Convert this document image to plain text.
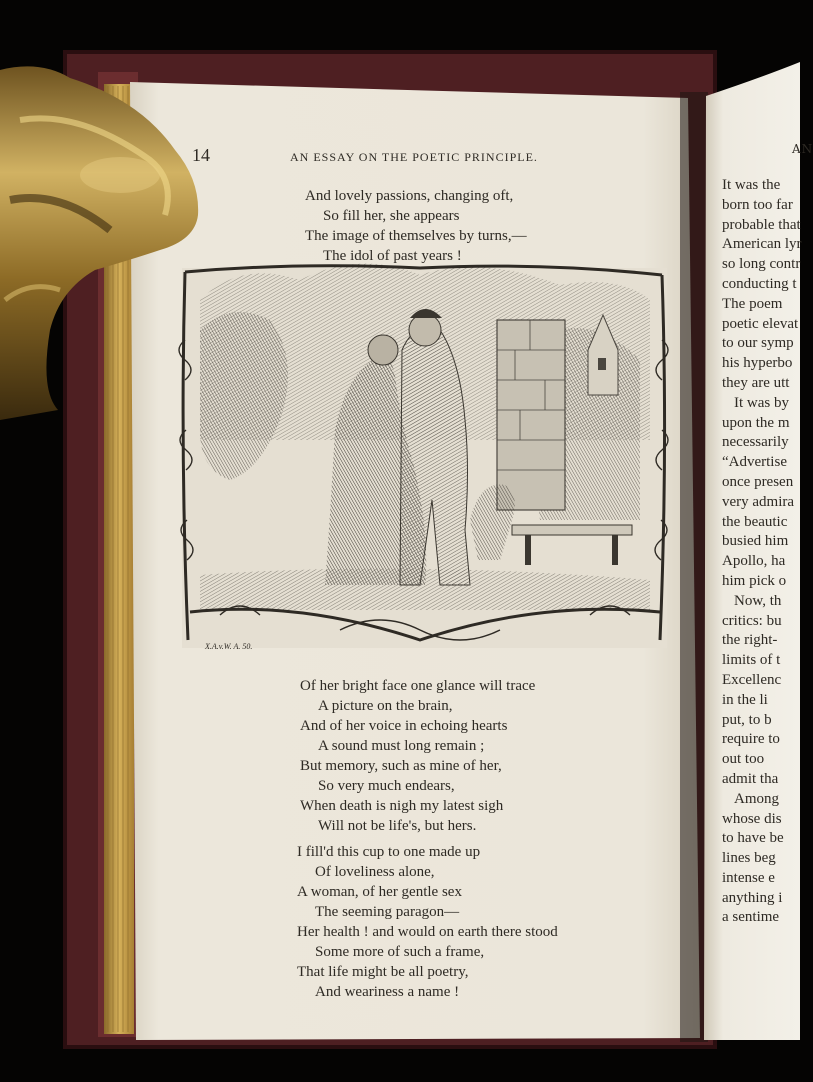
14	AN ESSAY ON THE POETIC PRINCIPLE.
And lovely passions, changing oft,
So fill her, she appears
The image of themselves by turns,—
The idol of past years !
X.A.v.W. A. 50.
Of her bright face one glance will trace
A picture on the brain,
And of her voice in echoing hearts
A sound must long remain ;
But memory, such as mine of her,
So very much endears,
When death is nigh my latest sigh
Will not be life's, but hers.
I fill'd this cup to one made up
Of loveliness alone,
A woman, of her gentle sex
The seeming paragon—
Her health ! and would on earth there stood
Some more of such a frame,
That life might be all poetry,
And weariness a name !
AN
It was the
born too far
probable that
American lyr
so long contr
conducting t
The poem
poetic elevat
to our symp
his hyperbo
they are utt
It was by
upon the m
necessarily
“Advertise
once presen
very admira
the beautic
busied him
Apollo, ha
him pick o
Now, th
critics: bu
the right-
limits of t
Excellenc
in the li
put, to b
require to
out too
admit tha
Among
whose dis
to have be
lines beg
intense e
anything i
a sentime
